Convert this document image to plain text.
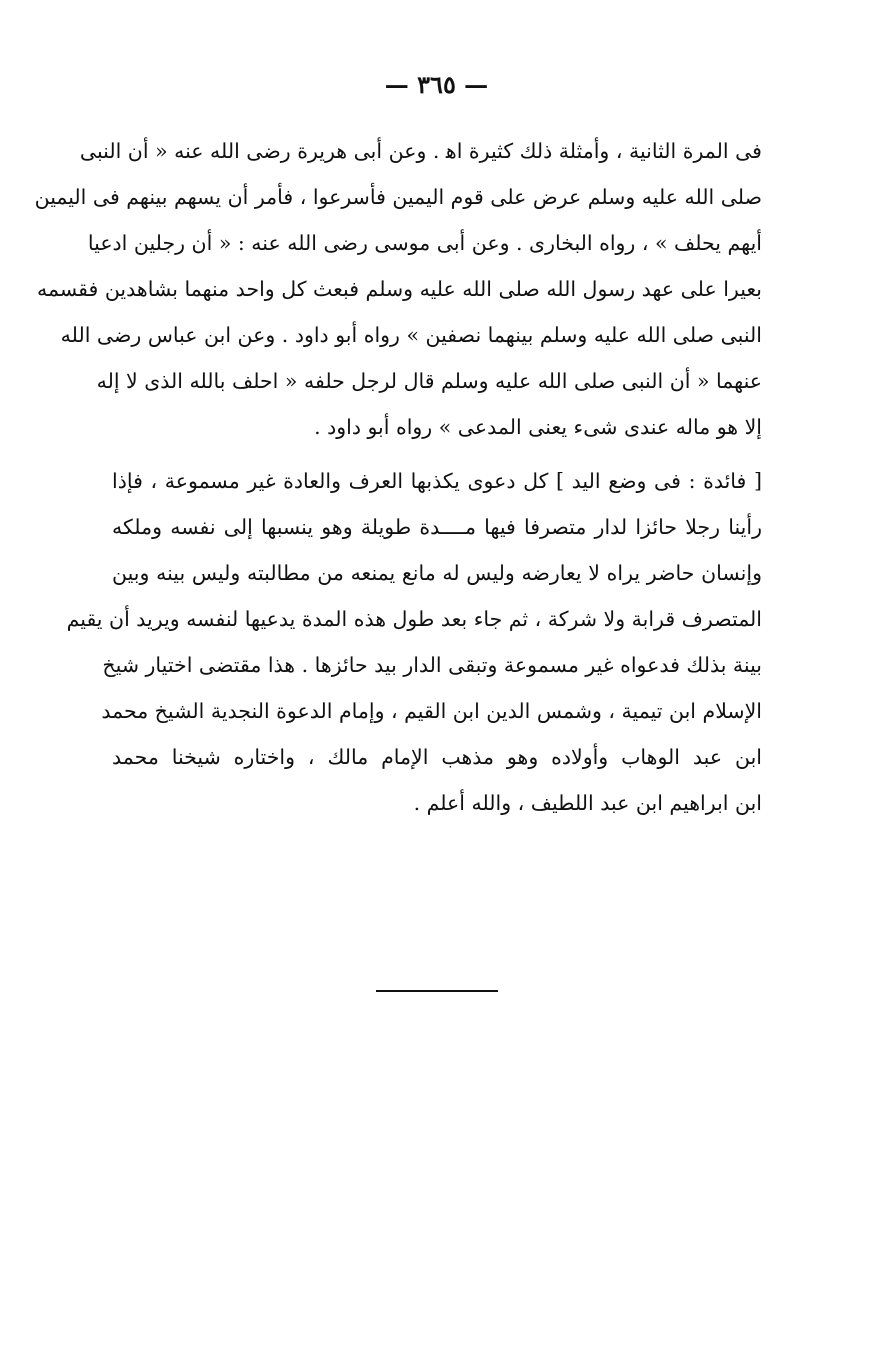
— ٣٦٥ —
فى المرة الثانية ، وأمثلة ذلك كثيرة اه‍ . وعن أبى هريرة رضى الله عنه « أن النبى
صلى الله عليه وسلم عرض على قوم اليمين فأسرعوا ، فأمر أن يسهم بينهم فى اليمين
أيهم يحلف » ، رواه البخارى . وعن أبى موسى رضى الله عنه : « أن رجلين ادعيا
بعيرا على عهد رسول الله صلى الله عليه وسلم فبعث كل واحد منهما بشاهدين فقسمه
النبى صلى الله عليه وسلم بينهما نصفين » رواه أبو داود . وعن ابن عباس رضى الله
عنهما « أن النبى صلى الله عليه وسلم قال لرجل حلفه « احلف بالله الذى لا إله
إلا هو ماله عندى شىء يعنى المدعى » رواه أبو داود .
[ فائدة : فى وضع اليد ] كل دعوى يكذبها العرف والعادة غير مسموعة ، فإذا
رأينا رجلا حائزا لدار متصرفا فيها مــــدة طويلة وهو ينسبها إلى نفسه وملكه
وإنسان حاضر يراه لا يعارضه وليس له مانع يمنعه من مطالبته وليس بينه وبين
المتصرف قرابة ولا شركة ، ثم جاء بعد طول هذه المدة يدعيها لنفسه ويريد أن يقيم
بينة بذلك فدعواه غير مسموعة وتبقى الدار بيد حائزها . هذا مقتضى اختيار شيخ
الإسلام ابن تيمية ، وشمس الدين ابن القيم ، وإمام الدعوة النجدية الشيخ محمد
ابن عبد الوهاب وأولاده وهو مذهب الإمام مالك ، واختاره شيخنا محمد
ابن ابراهيم ابن عبد اللطيف ، والله أعلم .
